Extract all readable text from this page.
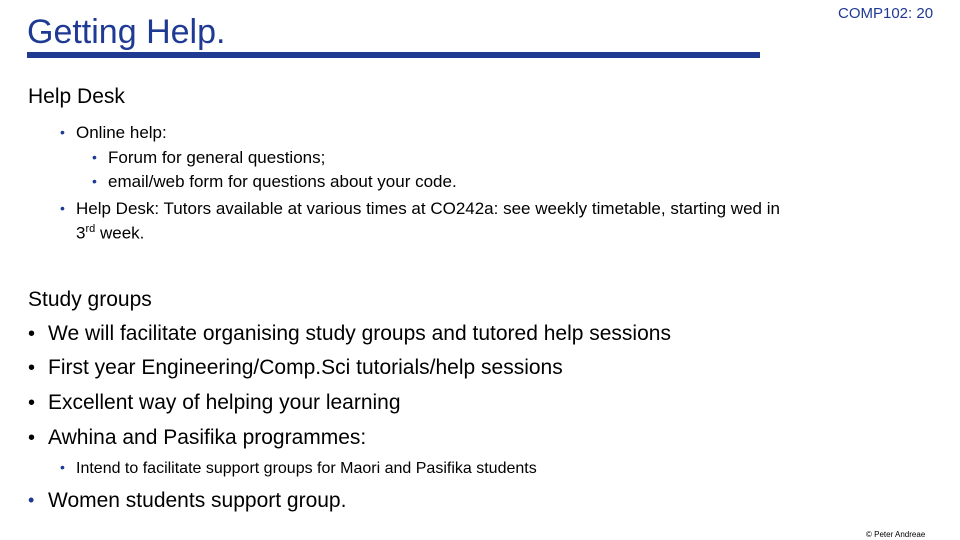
Getting Help.	COMP102: 20
Help Desk
• Online help:
• Forum for general questions;
• email/web form for questions about your code.
• Help Desk: Tutors available at various times at CO242a: see weekly timetable, starting wed in
3rd week.
Study groups
• We will facilitate organising study groups and tutored help sessions
• First year Engineering/Comp.Sci tutorials/help sessions
• Excellent way of helping your learning
• Awhina and Pasifika programmes:
• Intend to facilitate support groups for Maori and Pasifika students
• Women students support group.
© Peter Andreae
